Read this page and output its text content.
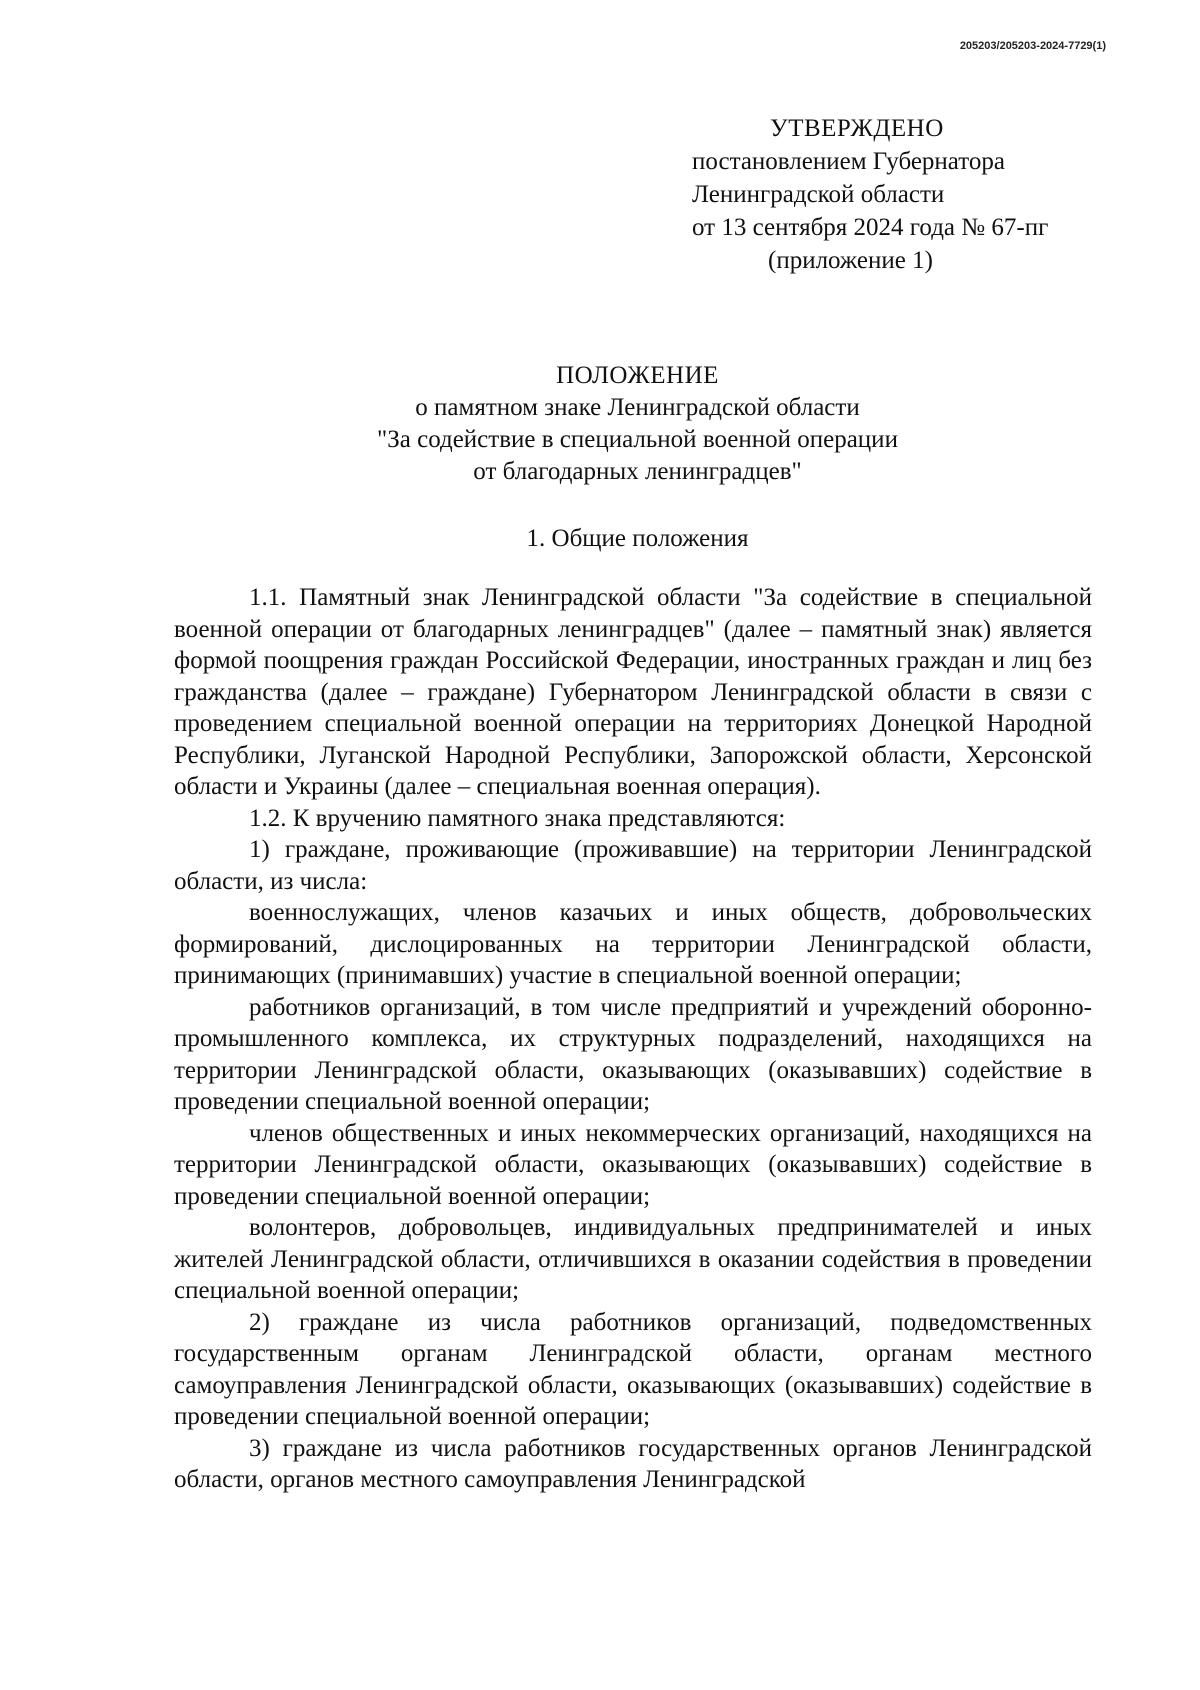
205203/205203-2024-7729(1)
УТВЕРЖДЕНО
постановлением Губернатора
Ленинградской области
от 13 сентября 2024 года № 67-пг
(приложение 1)
ПОЛОЖЕНИЕ
о памятном знаке Ленинградской области
"За содействие в специальной военной операции
от благодарных ленинградцев"
1. Общие положения

1.1. Памятный знак Ленинградской области "За содействие в специальной военной операции от благодарных ленинградцев" (далее – памятный знак) является формой поощрения граждан Российской Федерации, иностранных граждан и лиц без гражданства (далее – граждане) Губернатором Ленинградской области в связи с проведением специальной военной операции на территориях Донецкой Народной Республики, Луганской Народной Республики, Запорожской области, Херсонской области и Украины (далее – специальная военная операция).

1.2. К вручению памятного знака представляются:

1) граждане, проживающие (проживавшие) на территории Ленинградской области, из числа:

военнослужащих, членов казачьих и иных обществ, добровольческих формирований, дислоцированных на территории Ленинградской области, принимающих (принимавших) участие в специальной военной операции;

работников организаций, в том числе предприятий и учреждений оборонно-промышленного комплекса, их структурных подразделений, находящихся на территории Ленинградской области, оказывающих (оказывавших) содействие в проведении специальной военной операции;

членов общественных и иных некоммерческих организаций, находящихся на территории Ленинградской области, оказывающих (оказывавших) содействие в проведении специальной военной операции;

волонтеров, добровольцев, индивидуальных предпринимателей и иных жителей Ленинградской области, отличившихся в оказании содействия в проведении специальной военной операции;

2) граждане из числа работников организаций, подведомственных государственным органам Ленинградской области, органам местного самоуправления Ленинградской области, оказывающих (оказывавших) содействие в проведении специальной военной операции;

3) граждане из числа работников государственных органов Ленинградской области, органов местного самоуправления Ленинградской
